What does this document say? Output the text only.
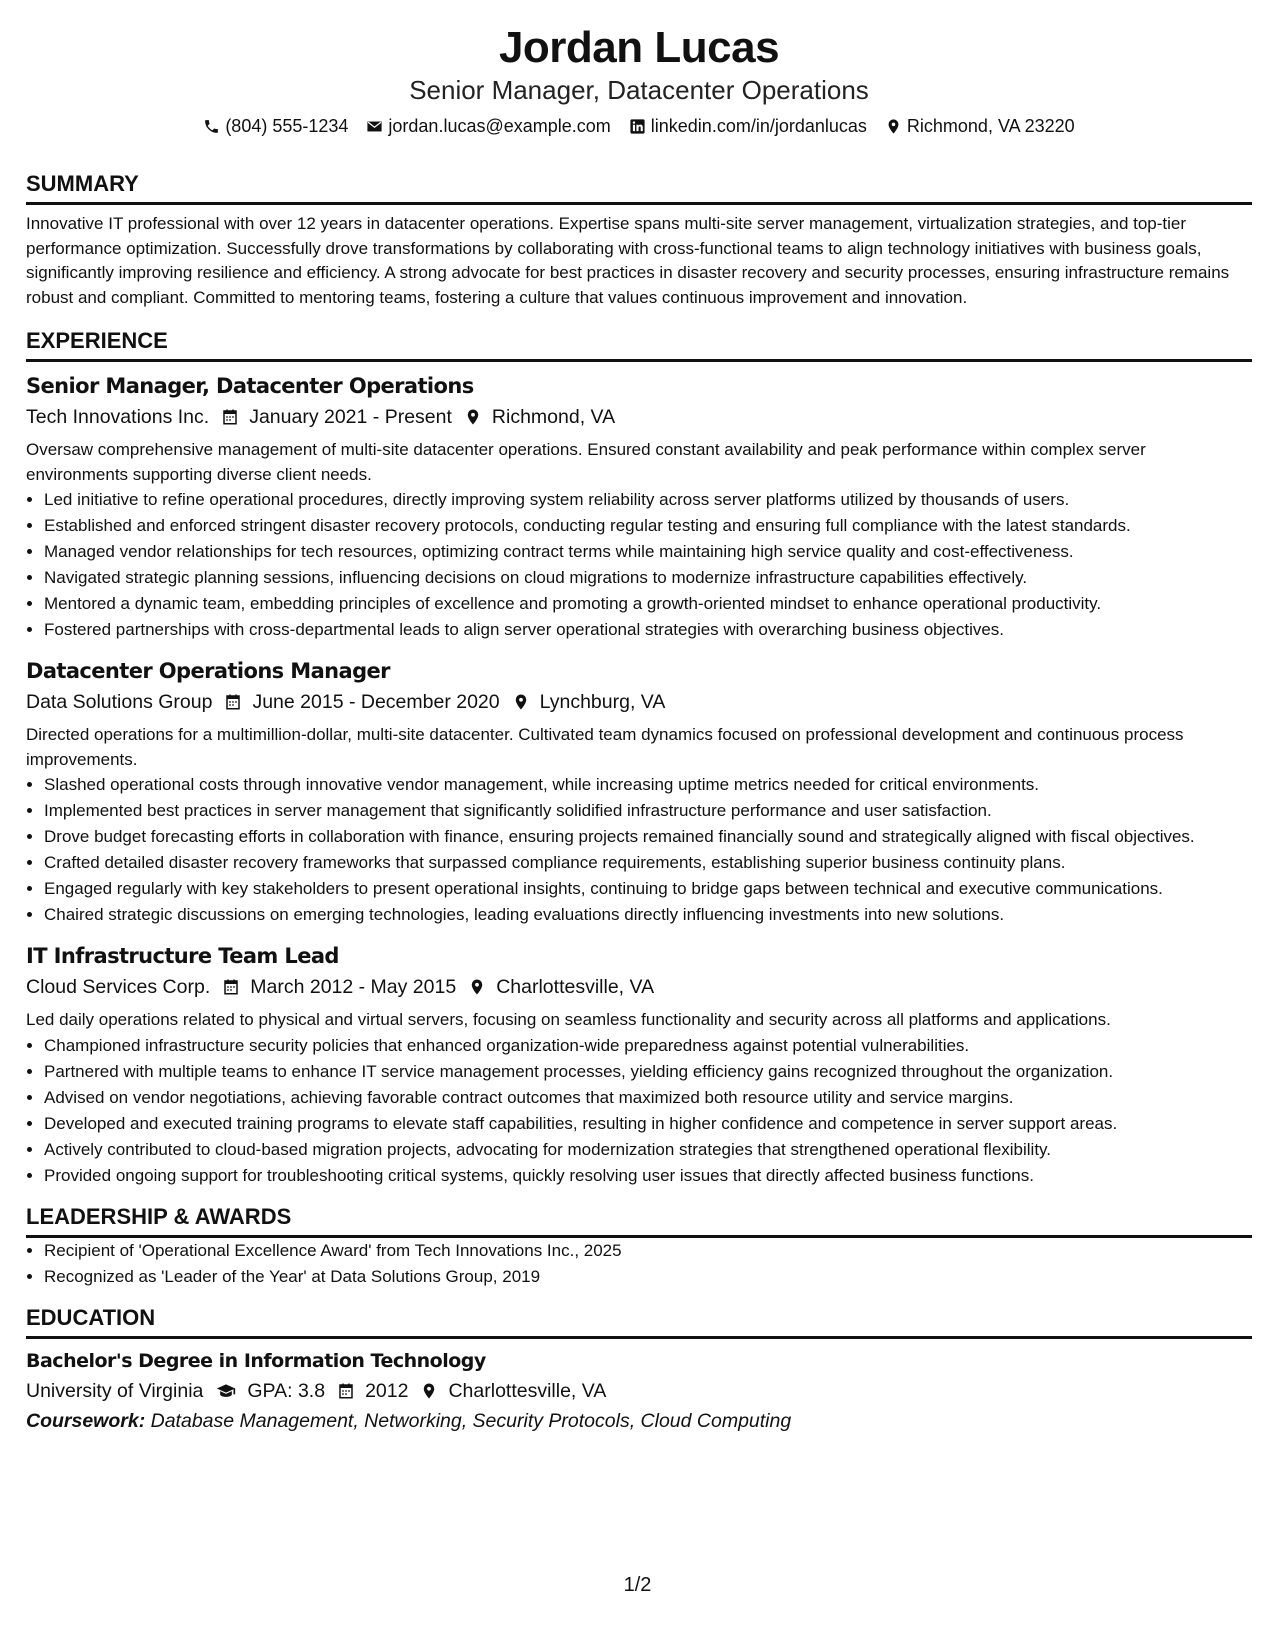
Jordan Lucas
Senior Manager, Datacenter Operations
(804) 555-1234 jordan.lucas@example.com linkedin.com/in/jordanlucas Richmond, VA 23220
SUMMARY
Innovative IT professional with over 12 years in datacenter operations. Expertise spans multi-site server management, virtualization strategies, and top-tier performance optimization. Successfully drove transformations by collaborating with cross-functional teams to align technology initiatives with business goals, significantly improving resilience and efficiency. A strong advocate for best practices in disaster recovery and security processes, ensuring infrastructure remains robust and compliant. Committed to mentoring teams, fostering a culture that values continuous improvement and innovation.
EXPERIENCE
Senior Manager, Datacenter Operations
Tech Innovations Inc. January 2021 - Present Richmond, VA
Oversaw comprehensive management of multi-site datacenter operations. Ensured constant availability and peak performance within complex server environments supporting diverse client needs.
• Led initiative to refine operational procedures, directly improving system reliability across server platforms utilized by thousands of users.
• Established and enforced stringent disaster recovery protocols, conducting regular testing and ensuring full compliance with the latest standards.
• Managed vendor relationships for tech resources, optimizing contract terms while maintaining high service quality and cost-effectiveness.
• Navigated strategic planning sessions, influencing decisions on cloud migrations to modernize infrastructure capabilities effectively.
• Mentored a dynamic team, embedding principles of excellence and promoting a growth-oriented mindset to enhance operational productivity.
• Fostered partnerships with cross-departmental leads to align server operational strategies with overarching business objectives.
Datacenter Operations Manager
Data Solutions Group June 2015 - December 2020 Lynchburg, VA
Directed operations for a multimillion-dollar, multi-site datacenter. Cultivated team dynamics focused on professional development and continuous process improvements.
• Slashed operational costs through innovative vendor management, while increasing uptime metrics needed for critical environments.
• Implemented best practices in server management that significantly solidified infrastructure performance and user satisfaction.
• Drove budget forecasting efforts in collaboration with finance, ensuring projects remained financially sound and strategically aligned with fiscal objectives.
• Crafted detailed disaster recovery frameworks that surpassed compliance requirements, establishing superior business continuity plans.
• Engaged regularly with key stakeholders to present operational insights, continuing to bridge gaps between technical and executive communications.
• Chaired strategic discussions on emerging technologies, leading evaluations directly influencing investments into new solutions.
IT Infrastructure Team Lead
Cloud Services Corp. March 2012 - May 2015 Charlottesville, VA
Led daily operations related to physical and virtual servers, focusing on seamless functionality and security across all platforms and applications.
• Championed infrastructure security policies that enhanced organization-wide preparedness against potential vulnerabilities.
• Partnered with multiple teams to enhance IT service management processes, yielding efficiency gains recognized throughout the organization.
• Advised on vendor negotiations, achieving favorable contract outcomes that maximized both resource utility and service margins.
• Developed and executed training programs to elevate staff capabilities, resulting in higher confidence and competence in server support areas.
• Actively contributed to cloud-based migration projects, advocating for modernization strategies that strengthened operational flexibility.
• Provided ongoing support for troubleshooting critical systems, quickly resolving user issues that directly affected business functions.
LEADERSHIP & AWARDS
• Recipient of 'Operational Excellence Award' from Tech Innovations Inc., 2025
• Recognized as 'Leader of the Year' at Data Solutions Group, 2019
EDUCATION
Bachelor's Degree in Information Technology
University of Virginia GPA: 3.8 2012 Charlottesville, VA
Coursework: Database Management, Networking, Security Protocols, Cloud Computing
1/2
